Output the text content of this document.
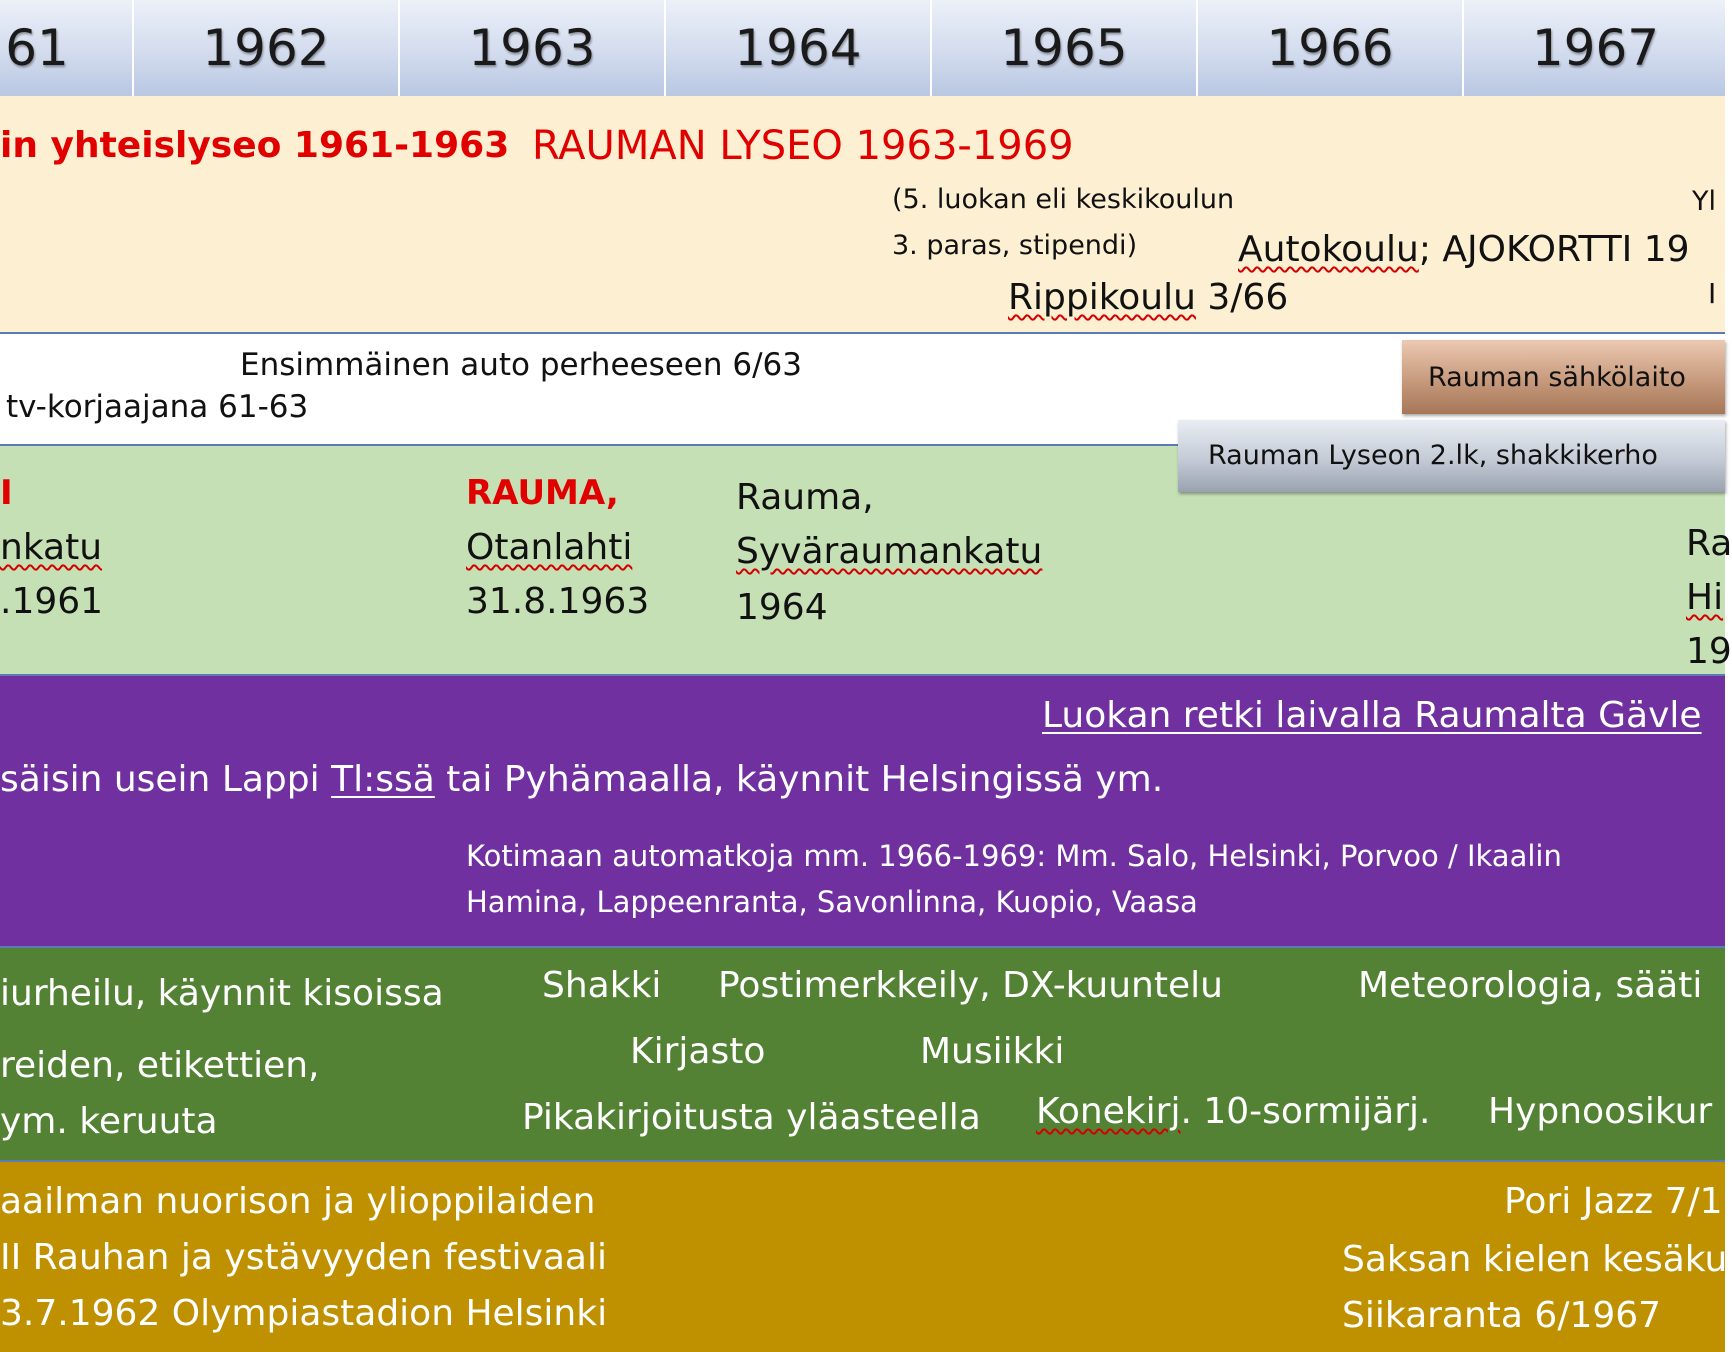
61	1962	1963	1964	1965	1966	1967
in yhteislyseo 1961-1963 RAUMAN LYSEO 1963-1969
(5. luokan eli keskikoulun
3. paras, stipendi)
Yl
Autokoulu; AJOKORTTI 19
I
Rippikoulu 3/66
Ensimmäinen auto perheeseen 6/63
tv-korjaajana 61-63
Rauman sähkölaito
Rauman Lyseon 2.lk, shakkikerho
I
nkatu
.1961
RAUMA,
Otanlahti
31.8.1963
Rauma,
Syväraumankatu
1964
Ra
Hi
19
Luokan retki laivalla Raumalta Gävle
säisin usein Lappi Tl:ssä tai Pyhämaalla, käynnit Helsingissä ym.
Kotimaan automatkoja mm. 1966-1969: Mm. Salo, Helsinki, Porvoo / Ikaalin
Hamina, Lappeenranta, Savonlinna, Kuopio, Vaasa
iurheilu, käynnit kisoissa
reiden, etikettien,
ym. keruuta
Shakki Postimerkkeily, DX-kuuntelu	Meteorologia, sääti
Kirjasto	Musiikki
Pikakirjoitusta yläasteella Konekirj. 10-sormijärj. Hypnoosikur
aailman nuorison ja ylioppilaiden
II Rauhan ja ystävyyden festivaali
3.7.1962 Olympiastadion Helsinki
Pori Jazz 7/1
Saksan kielen kesäku
Siikaranta 6/1967
